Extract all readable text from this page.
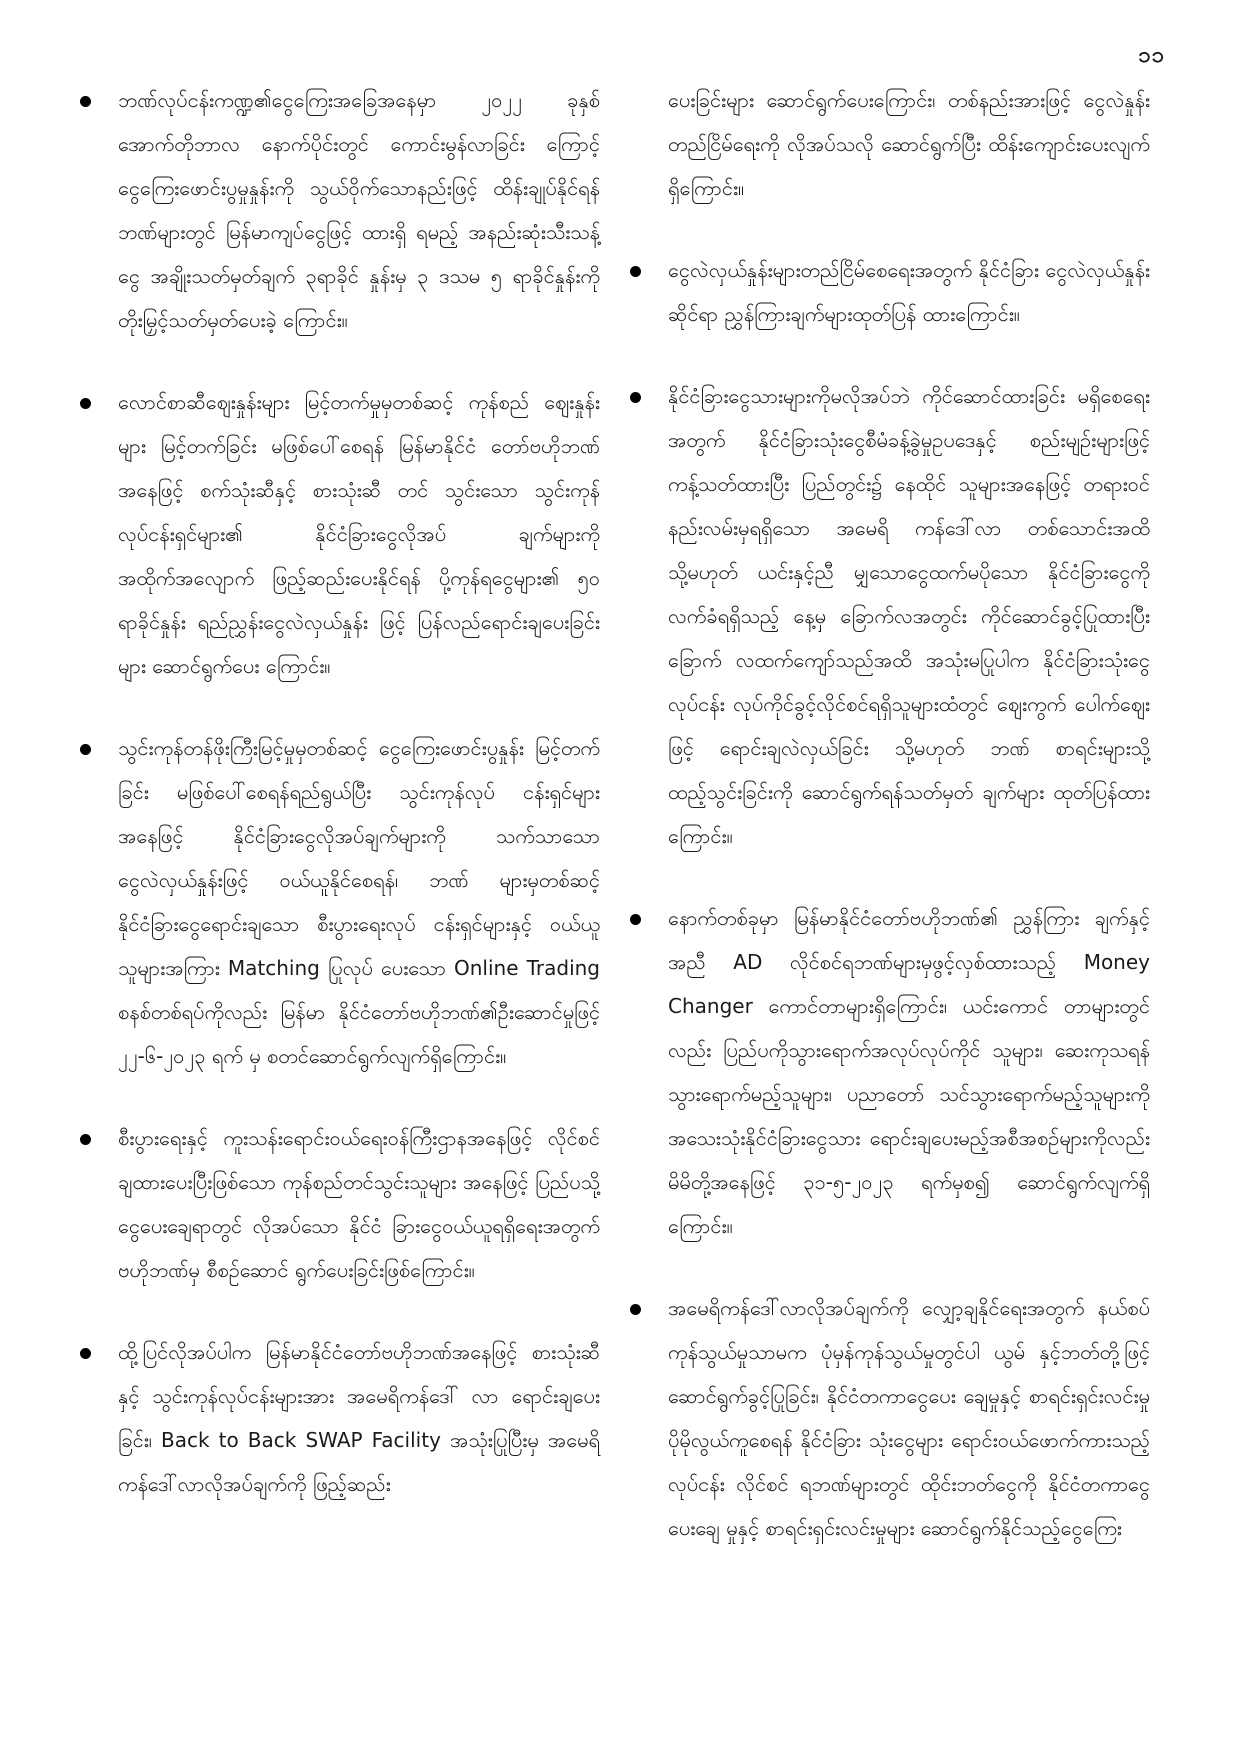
၁၁

ဘဏ်လုပ်ငန်းကဏ္ဍ၏ငွေကြေးအခြေအနေမှာ ၂၀၂၂ ခုနှစ် အောက်တိုဘာလ နောက်ပိုင်းတွင် ကောင်းမွန်လာခြင်း ကြောင့် ငွေကြေးဖောင်းပွမှုနှုန်းကို သွယ်ဝိုက်သောနည်းဖြင့် ထိန်းချုပ်နိုင်ရန်ဘဏ်များတွင် မြန်မာကျပ်ငွေဖြင့် ထားရှိ ရမည့် အနည်းဆုံးသီးသန့်ငွေ အချိုးသတ်မှတ်ချက် ၃ရာခိုင် နှုန်းမှ ၃ ဒသမ ၅ ရာခိုင်နှုန်းကို တိုးမြှင့်သတ်မှတ်ပေးခဲ့ ကြောင်း။

လောင်စာဆီဈေးနှုန်းများ မြင့်တက်မှုမှတစ်ဆင့် ကုန်စည် ဈေးနှုန်းများ မြင့်တက်ခြင်း မဖြစ်ပေါ်စေရန် မြန်မာနိုင်ငံ တော်ဗဟိုဘဏ်အနေဖြင့် စက်သုံးဆီနှင့် စားသုံးဆီ တင် သွင်းသော သွင်းကုန်လုပ်ငန်းရှင်များ၏ နိုင်ငံခြားငွေလိုအပ် ချက်များကို အထိုက်အလျောက် ဖြည့်ဆည်းပေးနိုင်ရန် ပို့ကုန်ရငွေများ၏ ၅၀ ရာခိုင်နှုန်း ရည်ညွှန်းငွေလဲလှယ်နှုန်း ဖြင့် ပြန်လည်ရောင်းချပေးခြင်းများ ဆောင်ရွက်ပေး ကြောင်း။

သွင်းကုန်တန်ဖိုးကြီးမြင့်မှုမှတစ်ဆင့် ငွေကြေးဖောင်းပွနှုန်း မြင့်တက်ခြင်း မဖြစ်ပေါ်စေရန်ရည်ရွယ်ပြီး သွင်းကုန်လုပ် ငန်းရှင်များအနေဖြင့် နိုင်ငံခြားငွေလိုအပ်ချက်များကို သက်သာသောငွေလဲလှယ်နှုန်းဖြင့် ဝယ်ယူနိုင်စေရန်၊ ဘဏ် များမှတစ်ဆင့် နိုင်ငံခြားငွေရောင်းချသော စီးပွားရေးလုပ် ငန်းရှင်များနှင့် ဝယ်ယူသူများအကြား Matching ပြုလုပ် ပေးသော Online Trading စနစ်တစ်ရပ်ကိုလည်း မြန်မာ နိုင်ငံတော်ဗဟိုဘဏ်၏ဦးဆောင်မှုဖြင့် ၂၂-၆-၂၀၂၃ ရက် မှ စတင်ဆောင်ရွက်လျက်ရှိကြောင်း။

စီးပွားရေးနှင့် ကူးသန်းရောင်းဝယ်ရေးဝန်ကြီးဌာနအနေဖြင့် လိုင်စင်ချထားပေးပြီးဖြစ်သော ကုန်စည်တင်သွင်းသူများ အနေဖြင့် ပြည်ပသို့ငွေပေးချေရာတွင် လိုအပ်သော နိုင်ငံ ခြားငွေဝယ်ယူရရှိရေးအတွက် ဗဟိုဘဏ်မှ စီစဉ်ဆောင် ရွက်ပေးခြင်းဖြစ်ကြောင်း။

ထို့ပြင်လိုအပ်ပါက မြန်မာနိုင်ငံတော်ဗဟိုဘဏ်အနေဖြင့် စားသုံးဆီနှင့် သွင်းကုန်လုပ်ငန်းများအား အမေရိကန်ဒေါ် လာ ရောင်းချပေးခြင်း၊ Back to Back SWAP Facility အသုံးပြုပြီးမှ အမေရိကန်ဒေါ်လာလိုအပ်ချက်ကို ဖြည့်ဆည်း

ပေးခြင်းများ ဆောင်ရွက်ပေးကြောင်း၊ တစ်နည်းအားဖြင့် ငွေလဲနှုန်းတည်ငြိမ်ရေးကို လိုအပ်သလို ဆောင်ရွက်ပြီး ထိန်းကျောင်းပေးလျက်ရှိကြောင်း။

ငွေလဲလှယ်နှုန်းများတည်ငြိမ်စေရေးအတွက် နိုင်ငံခြား ငွေလဲလှယ်နှုန်းဆိုင်ရာ ညွှန်ကြားချက်များထုတ်ပြန် ထားကြောင်း။

နိုင်ငံခြားငွေသားများကိုမလိုအပ်ဘဲ ကိုင်ဆောင်ထားခြင်း မရှိစေရေးအတွက် နိုင်ငံခြားသုံးငွေစီမံခန့်ခွဲမှုဥပဒေနှင့် စည်းမျဉ်းများဖြင့် ကန့်သတ်ထားပြီး ပြည်တွင်း၌ နေထိုင် သူများအနေဖြင့် တရားဝင်နည်းလမ်းမှရရှိသော အမေရိ ကန်ဒေါ်လာ တစ်သောင်းအထိ သို့မဟုတ် ယင်းနှင့်ညီ မျှသောငွေထက်မပိုသော နိုင်ငံခြားငွေကိုလက်ခံရရှိသည့် နေ့မှ ခြောက်လအတွင်း ကိုင်ဆောင်ခွင့်ပြုထားပြီး ခြောက် လထက်ကျော်သည်အထိ အသုံးမပြုပါက နိုင်ငံခြားသုံးငွေ လုပ်ငန်း လုပ်ကိုင်ခွင့်လိုင်စင်ရရှိသူများထံတွင် ဈေးကွက် ပေါက်ဈေးဖြင့် ရောင်းချလဲလှယ်ခြင်း သို့မဟုတ် ဘဏ် စာရင်းများသို့ ထည့်သွင်းခြင်းကို ဆောင်ရွက်ရန်သတ်မှတ် ချက်များ ထုတ်ပြန်ထားကြောင်း။

နောက်တစ်ခုမှာ မြန်မာနိုင်ငံတော်ဗဟိုဘဏ်၏ ညွှန်ကြား ချက်နှင့်အညီ AD လိုင်စင်ရဘဏ်များမှဖွင့်လှစ်ထားသည့် Money Changer ကောင်တာများရှိကြောင်း၊ ယင်းကောင် တာများတွင်လည်း ပြည်ပကိုသွားရောက်အလုပ်လုပ်ကိုင် သူများ၊ ဆေးကုသရန်သွားရောက်မည့်သူများ၊ ပညာတော် သင်သွားရောက်မည့်သူများကို အသေးသုံးနိုင်ငံခြားငွေသား ရောင်းချပေးမည့်အစီအစဉ်များကိုလည်း မိမိတို့အနေဖြင့် ၃၁-၅-၂၀၂၃ ရက်မှစ၍ ဆောင်ရွက်လျက်ရှိကြောင်း။

အမေရိကန်ဒေါ်လာလိုအပ်ချက်ကို လျှော့ချနိုင်ရေးအတွက် နယ်စပ်ကုန်သွယ်မှုသာမက ပုံမှန်ကုန်သွယ်မှုတွင်ပါ ယွမ် နှင့်ဘတ်တို့ဖြင့် ဆောင်ရွက်ခွင့်ပြုခြင်း၊ နိုင်ငံတကာငွေပေး ချေမှုနှင့် စာရင်းရှင်းလင်းမှု ပိုမိုလွယ်ကူစေရန် နိုင်ငံခြား သုံးငွေများ ရောင်းဝယ်ဖောက်ကားသည့်လုပ်ငန်း လိုင်စင် ရဘဏ်များတွင် ထိုင်းဘတ်ငွေကို နိုင်ငံတကာငွေပေးချေ မှုနှင့် စာရင်းရှင်းလင်းမှုများ ဆောင်ရွက်နိုင်သည့်ငွေကြေး
